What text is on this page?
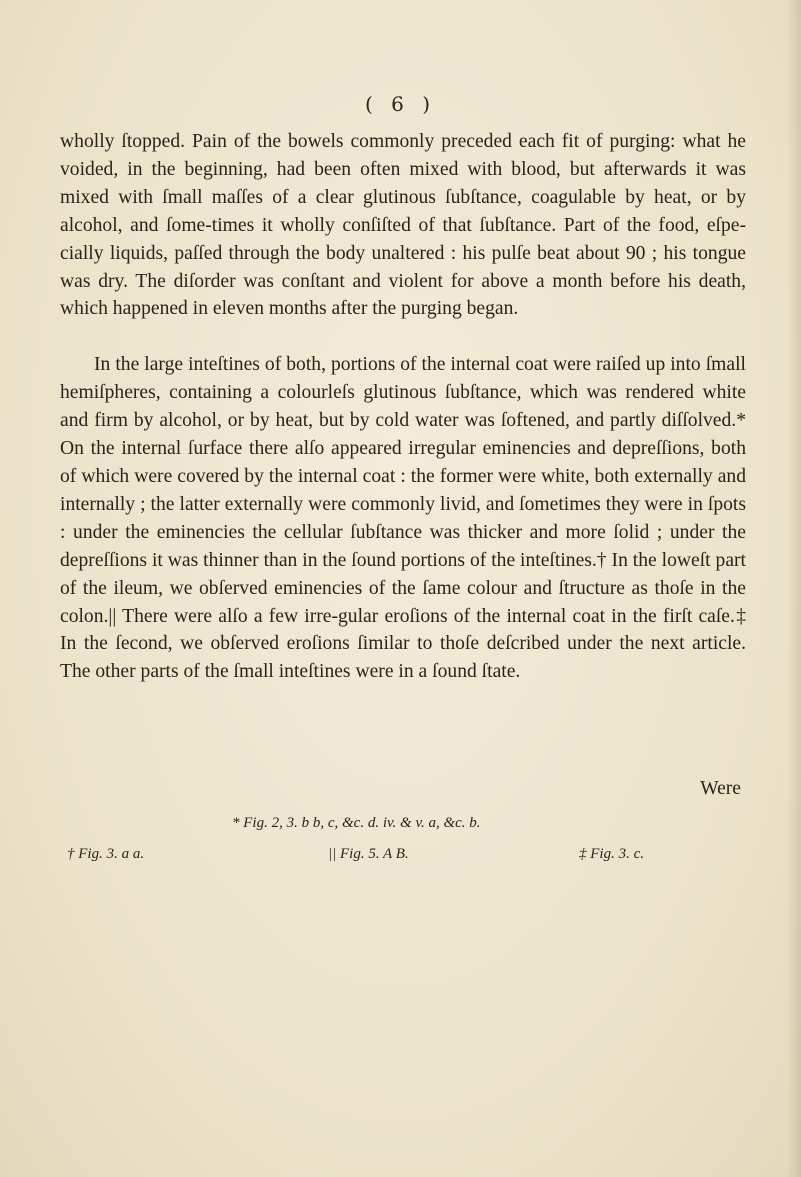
( 6 )

wholly ſtopped. Pain of the bowels commonly preceded each fit of purging: what he voided, in the beginning, had been often mixed with blood, but afterwards it was mixed with ſmall maſſes of a clear glutinous ſubſtance, coagulable by heat, or by alcohol, and ſome-times it wholly conſiſted of that ſubſtance. Part of the food, eſpe-cially liquids, paſſed through the body unaltered : his pulſe beat about 90 ; his tongue was dry. The diſorder was conſtant and violent for above a month before his death, which happened in eleven months after the purging began.

In the large inteſtines of both, portions of the internal coat were raiſed up into ſmall hemiſpheres, containing a colourleſs glutinous ſubſtance, which was rendered white and firm by alcohol, or by heat, but by cold water was ſoftened, and partly diſſolved.* On the internal ſurface there alſo appeared irregular eminencies and depreſſions, both of which were covered by the internal coat : the former were white, both externally and internally ; the latter externally were commonly livid, and ſometimes they were in ſpots : under the eminencies the cellular ſubſtance was thicker and more ſolid ; under the depreſſions it was thinner than in the ſound portions of the inteſtines.† In the loweſt part of the ileum, we obſerved eminencies of the ſame colour and ſtructure as thoſe in the colon.|| There were alſo a few irre-gular eroſions of the internal coat in the firſt caſe.‡ In the ſecond, we obſerved eroſions ſimilar to thoſe deſcribed under the next article. The other parts of the ſmall inteſtines were in a ſound ſtate.

Were
* Fig. 2, 3. b b, c, &c. d. iv. & v. a, &c. b.
† Fig. 3. a a.	|| Fig. 5. A B.	‡ Fig. 3. c.
